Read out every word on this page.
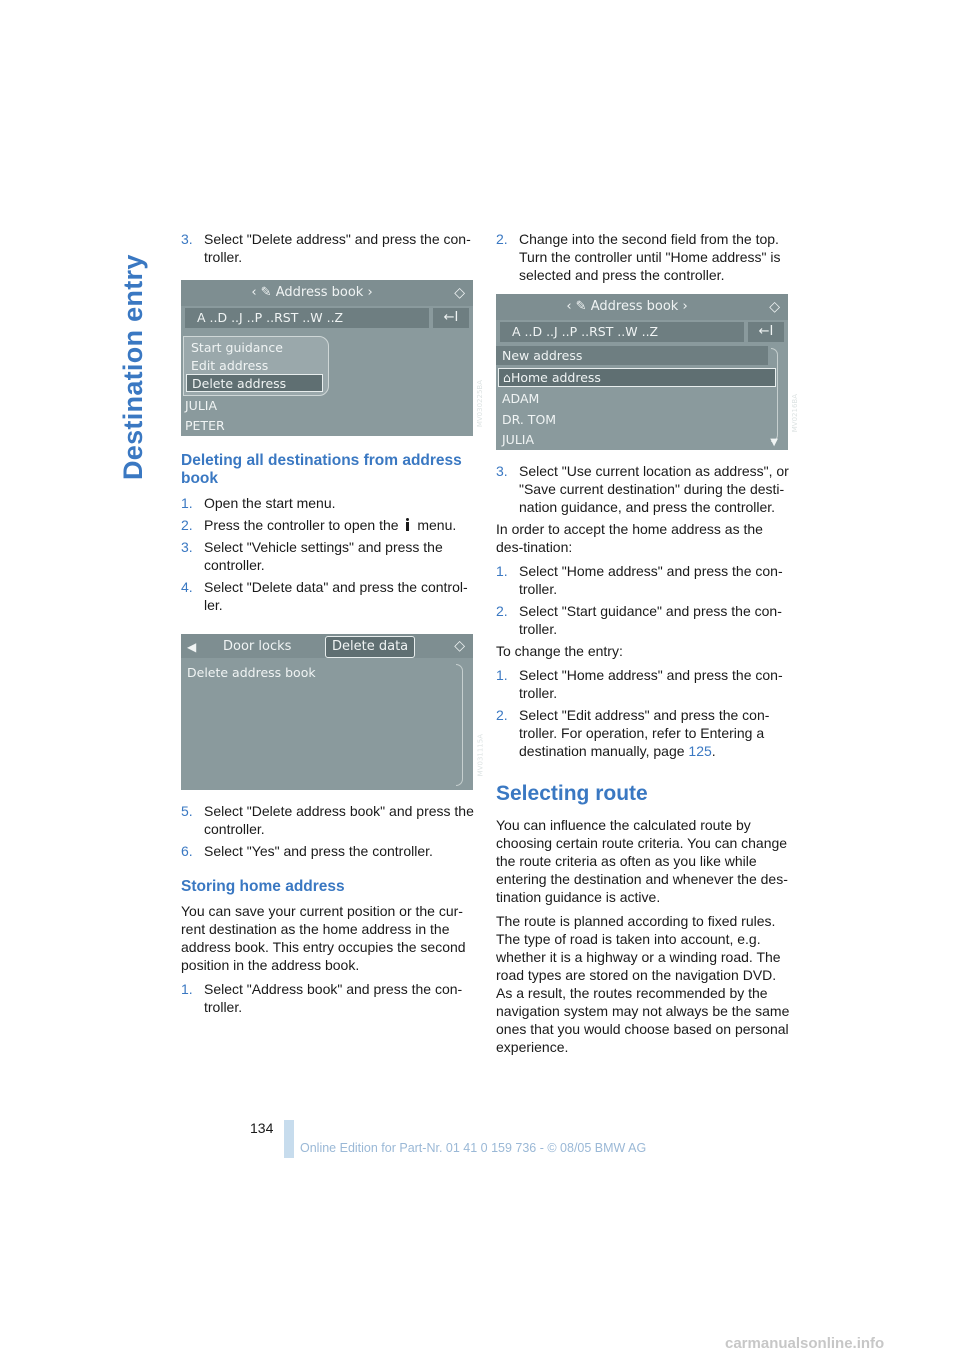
Destination entry
3. Select "Delete address" and press the con-troller.
‹ ✎ Address book ›	◇
A ..D ..J ..P ..RST ..W ..Z	←I
Start guidance
Edit address
Delete address
JULIA
PETER	MV030225BA
Deleting all destinations from address book
1. Open the start menu.
2. Press the controller to open the menu.
3. Select "Vehicle settings" and press the controller.
4. Select "Delete data" and press the control-ler.
◀ Door locks	Delete data	◇
Delete address book
MV031115A
5. Select "Delete address book" and press the controller.
6. Select "Yes" and press the controller.
Storing home address

You can save your current position or the cur-rent destination as the home address in the address book. This entry occupies the second position in the address book.

1. Select "Address book" and press the con-troller.
2. Change into the second field from the top. Turn the controller until "Home address" is selected and press the controller.
‹ ✎ Address book ›	◇
A ..D ..J ..P ..RST ..W ..Z	←I
New address
⌂Home address
ADAM
DR. TOM
JULIA	▼
MV0216BA
3. Select "Use current location as address", or "Save current destination" during the desti-nation guidance, and press the controller.

In order to accept the home address as the des-tination:

1. Select "Home address" and press the con-troller.
2. Select "Start guidance" and press the con-troller.

To change the entry:

1. Select "Home address" and press the con-troller.
2. Select "Edit address" and press the con-troller. For operation, refer to Entering a destination manually, page 125.
Selecting route

You can influence the calculated route by choosing certain route criteria. You can change the route criteria as often as you like while entering the destination and whenever the des-tination guidance is active.

The route is planned according to fixed rules. The type of road is taken into account, e.g. whether it is a highway or a winding road. The road types are stored on the navigation DVD. As a result, the routes recommended by the navigation system may not always be the same ones that you would choose based on personal experience.

134
Online Edition for Part-Nr. 01 41 0 159 736 - © 08/05 BMW AG
carmanualsonline.info
